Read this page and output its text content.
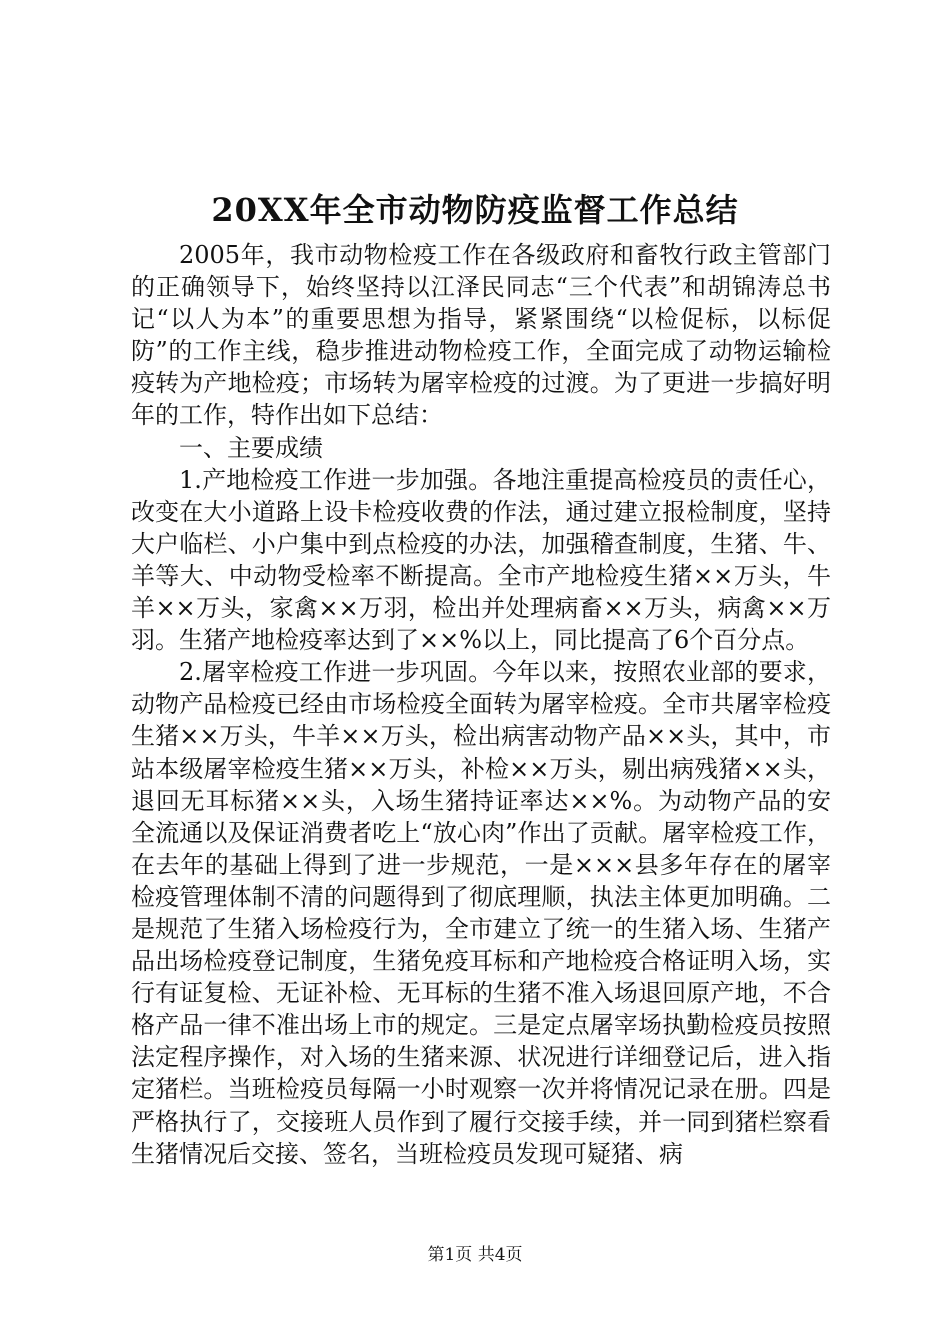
20XX年全市动物防疫监督工作总结

2005年，我市动物检疫工作在各级政府和畜牧行政主管部门的正确领导下，始终坚持以江泽民同志“三个代表”和胡锦涛总书记“以人为本”的重要思想为指导，紧紧围绕“以检促标，以标促防”的工作主线，稳步推进动物检疫工作，全面完成了动物运输检疫转为产地检疫；市场转为屠宰检疫的过渡。为了更进一步搞好明年的工作，特作出如下总结：

一、主要成绩

1.产地检疫工作进一步加强。各地注重提高检疫员的责任心，改变在大小道路上设卡检疫收费的作法，通过建立报检制度，坚持大户临栏、小户集中到点检疫的办法，加强稽查制度，生猪、牛、羊等大、中动物受检率不断提高。全市产地检疫生猪××万头，牛羊××万头，家禽××万羽，检出并处理病畜××万头，病禽××万羽。生猪产地检疫率达到了××%以上，同比提高了6个百分点。

2.屠宰检疫工作进一步巩固。今年以来，按照农业部的要求，动物产品检疫已经由市场检疫全面转为屠宰检疫。全市共屠宰检疫生猪××万头，牛羊××万头，检出病害动物产品××头，其中，市站本级屠宰检疫生猪××万头，补检××万头，剔出病残猪××头，退回无耳标猪××头，入场生猪持证率达××%。为动物产品的安全流通以及保证消费者吃上“放心肉”作出了贡献。屠宰检疫工作，在去年的基础上得到了进一步规范，一是×××县多年存在的屠宰检疫管理体制不清的问题得到了彻底理顺，执法主体更加明确。二是规范了生猪入场检疫行为，全市建立了统一的生猪入场、生猪产品出场检疫登记制度，生猪免疫耳标和产地检疫合格证明入场，实行有证复检、无证补检、无耳标的生猪不准入场退回原产地，不合格产品一律不准出场上市的规定。三是定点屠宰场执勤检疫员按照法定程序操作，对入场的生猪来源、状况进行详细登记后，进入指定猪栏。当班检疫员每隔一小时观察一次并将情况记录在册。四是严格执行了，交接班人员作到了履行交接手续，并一同到猪栏察看生猪情况后交接、签名，当班检疫员发现可疑猪、病

第1页 共4页
